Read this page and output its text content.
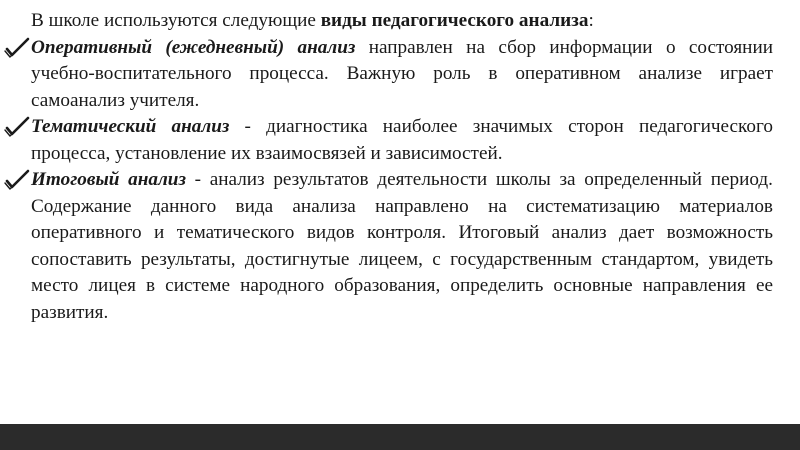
В школе используются следующие виды педагогического анализа:

Оперативный (ежедневный) анализ направлен на сбор информации о состоянии учебно-воспитательного процесса. Важную роль в оперативном анализе играет самоанализ учителя.

Тематический анализ - диагностика наиболее значимых сторон педагогического процесса, установление их взаимосвязей и зависимостей.

Итоговый анализ - анализ результатов деятельности школы за определенный период. Содержание данного вида анализа направлено на систематизацию материалов оперативного и тематического видов контроля. Итоговый анализ дает возможность сопоставить результаты, достигнутые лицеем, с государственным стандартом, увидеть место лицея в системе народного образования, определить основные направления ее развития.
